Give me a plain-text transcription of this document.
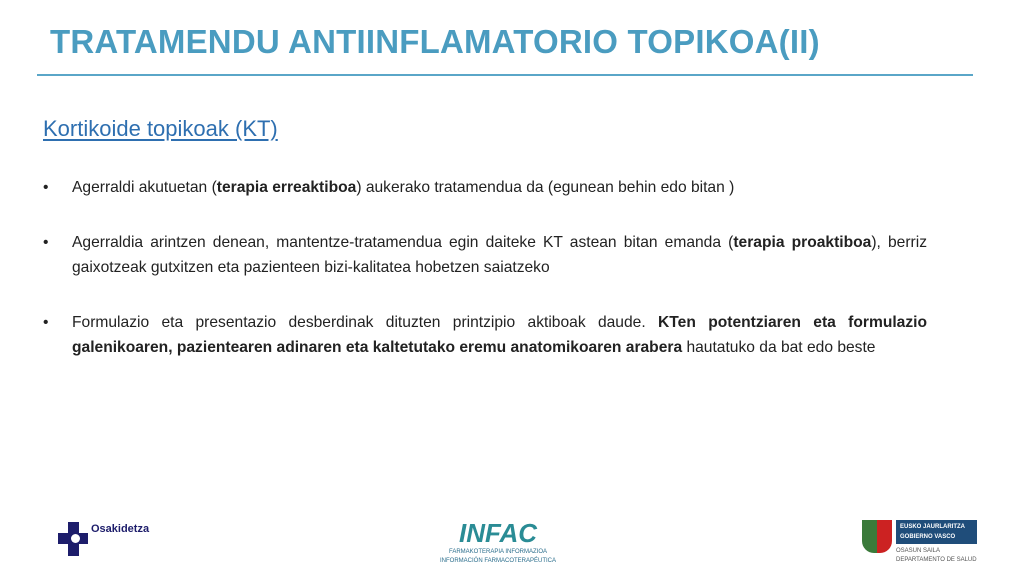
TRATAMENDU ANTIINFLAMATORIO TOPIKOA(II)
Kortikoide topikoak (KT)
•	Agerraldi akutuetan (terapia erreaktiboa) aukerako tratamendua da (egunean behin edo bitan )
•	Agerraldia arintzen denean, mantentze-tratamendua egin daiteke KT astean bitan emanda (terapia proaktiboa), berriz gaixotzeak gutxitzen eta pazienteen bizi-kalitatea hobetzen saiatzeko
•	Formulazio eta presentazio desberdinak dituzten printzipio aktiboak daude. KTen potentziaren eta formulazio galenikoaren, pazientearen adinaren eta kaltetutako eremu anatomikoaren arabera hautatuko da bat edo beste
Osakidetza	INFAC
FARMAKOTERAPIA INFORMAZIOA
INFORMACIÓN FARMACOTERAPÉUTICA
EUSKO JAURLARITZA
GOBIERNO VASCO
OSASUN SAILA
DEPARTAMENTO DE SALUD
